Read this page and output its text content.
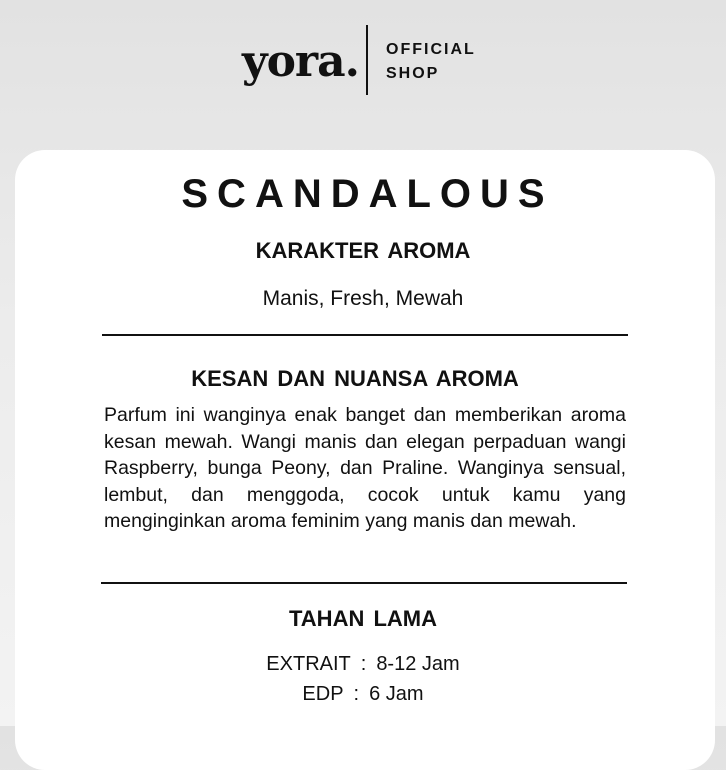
yora. OFFICIAL
SHOP
SCANDALOUS
KARAKTER AROMA
Manis, Fresh, Mewah
KESAN DAN NUANSA AROMA
Parfum ini wanginya enak banget dan memberikan aroma kesan mewah. Wangi manis dan elegan perpaduan wangi Raspberry, bunga Peony, dan Praline. Wanginya sensual, lembut, dan menggoda, cocok untuk kamu yang menginginkan aroma feminim yang manis dan mewah.
TAHAN LAMA
EXTRAIT : 8-12 Jam
EDP : 6 Jam
